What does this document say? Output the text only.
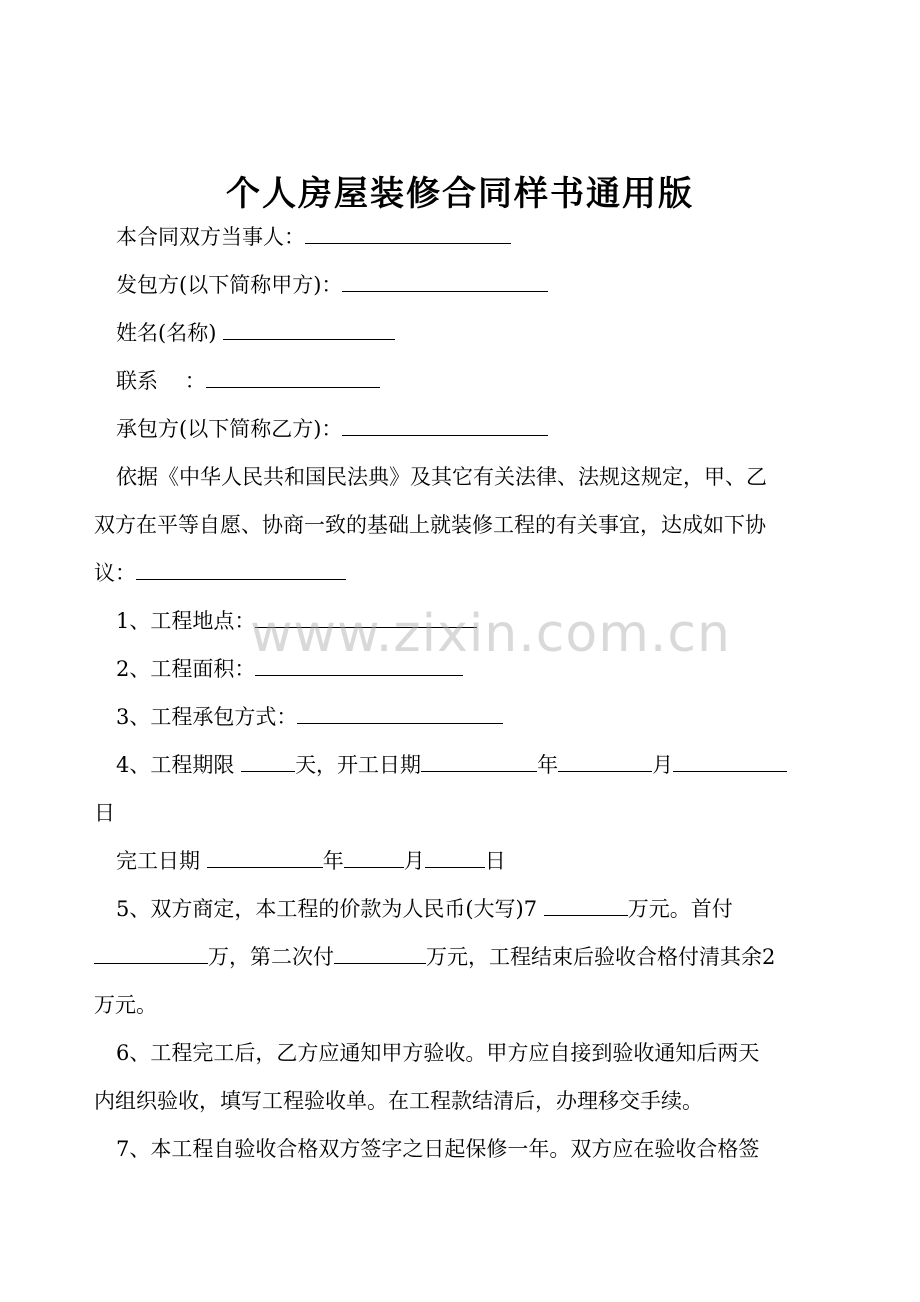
个人房屋装修合同样书通用版
本合同双方当事人：
发包方(以下简称甲方)：
姓名(名称)
联系 ：
承包方(以下简称乙方)：
依据《中华人民共和国民法典》及其它有关法律、法规这规定，甲、乙
双方在平等自愿、协商一致的基础上就装修工程的有关事宜，达成如下协
议：
1、工程地点：
2、工程面积：
3、工程承包方式：
4、工程期限	天，开工日期	年	月
日
完工日期	年	月	日
5、双方商定，本工程的价款为人民币(大写)7	万元。首付
万，第二次付	万元，工程结束后验收合格付清其余2
万元。
6、工程完工后，乙方应通知甲方验收。甲方应自接到验收通知后两天
内组织验收，填写工程验收单。在工程款结清后，办理移交手续。
7、本工程自验收合格双方签字之日起保修一年。双方应在验收合格签
www.zixin.com.cn
